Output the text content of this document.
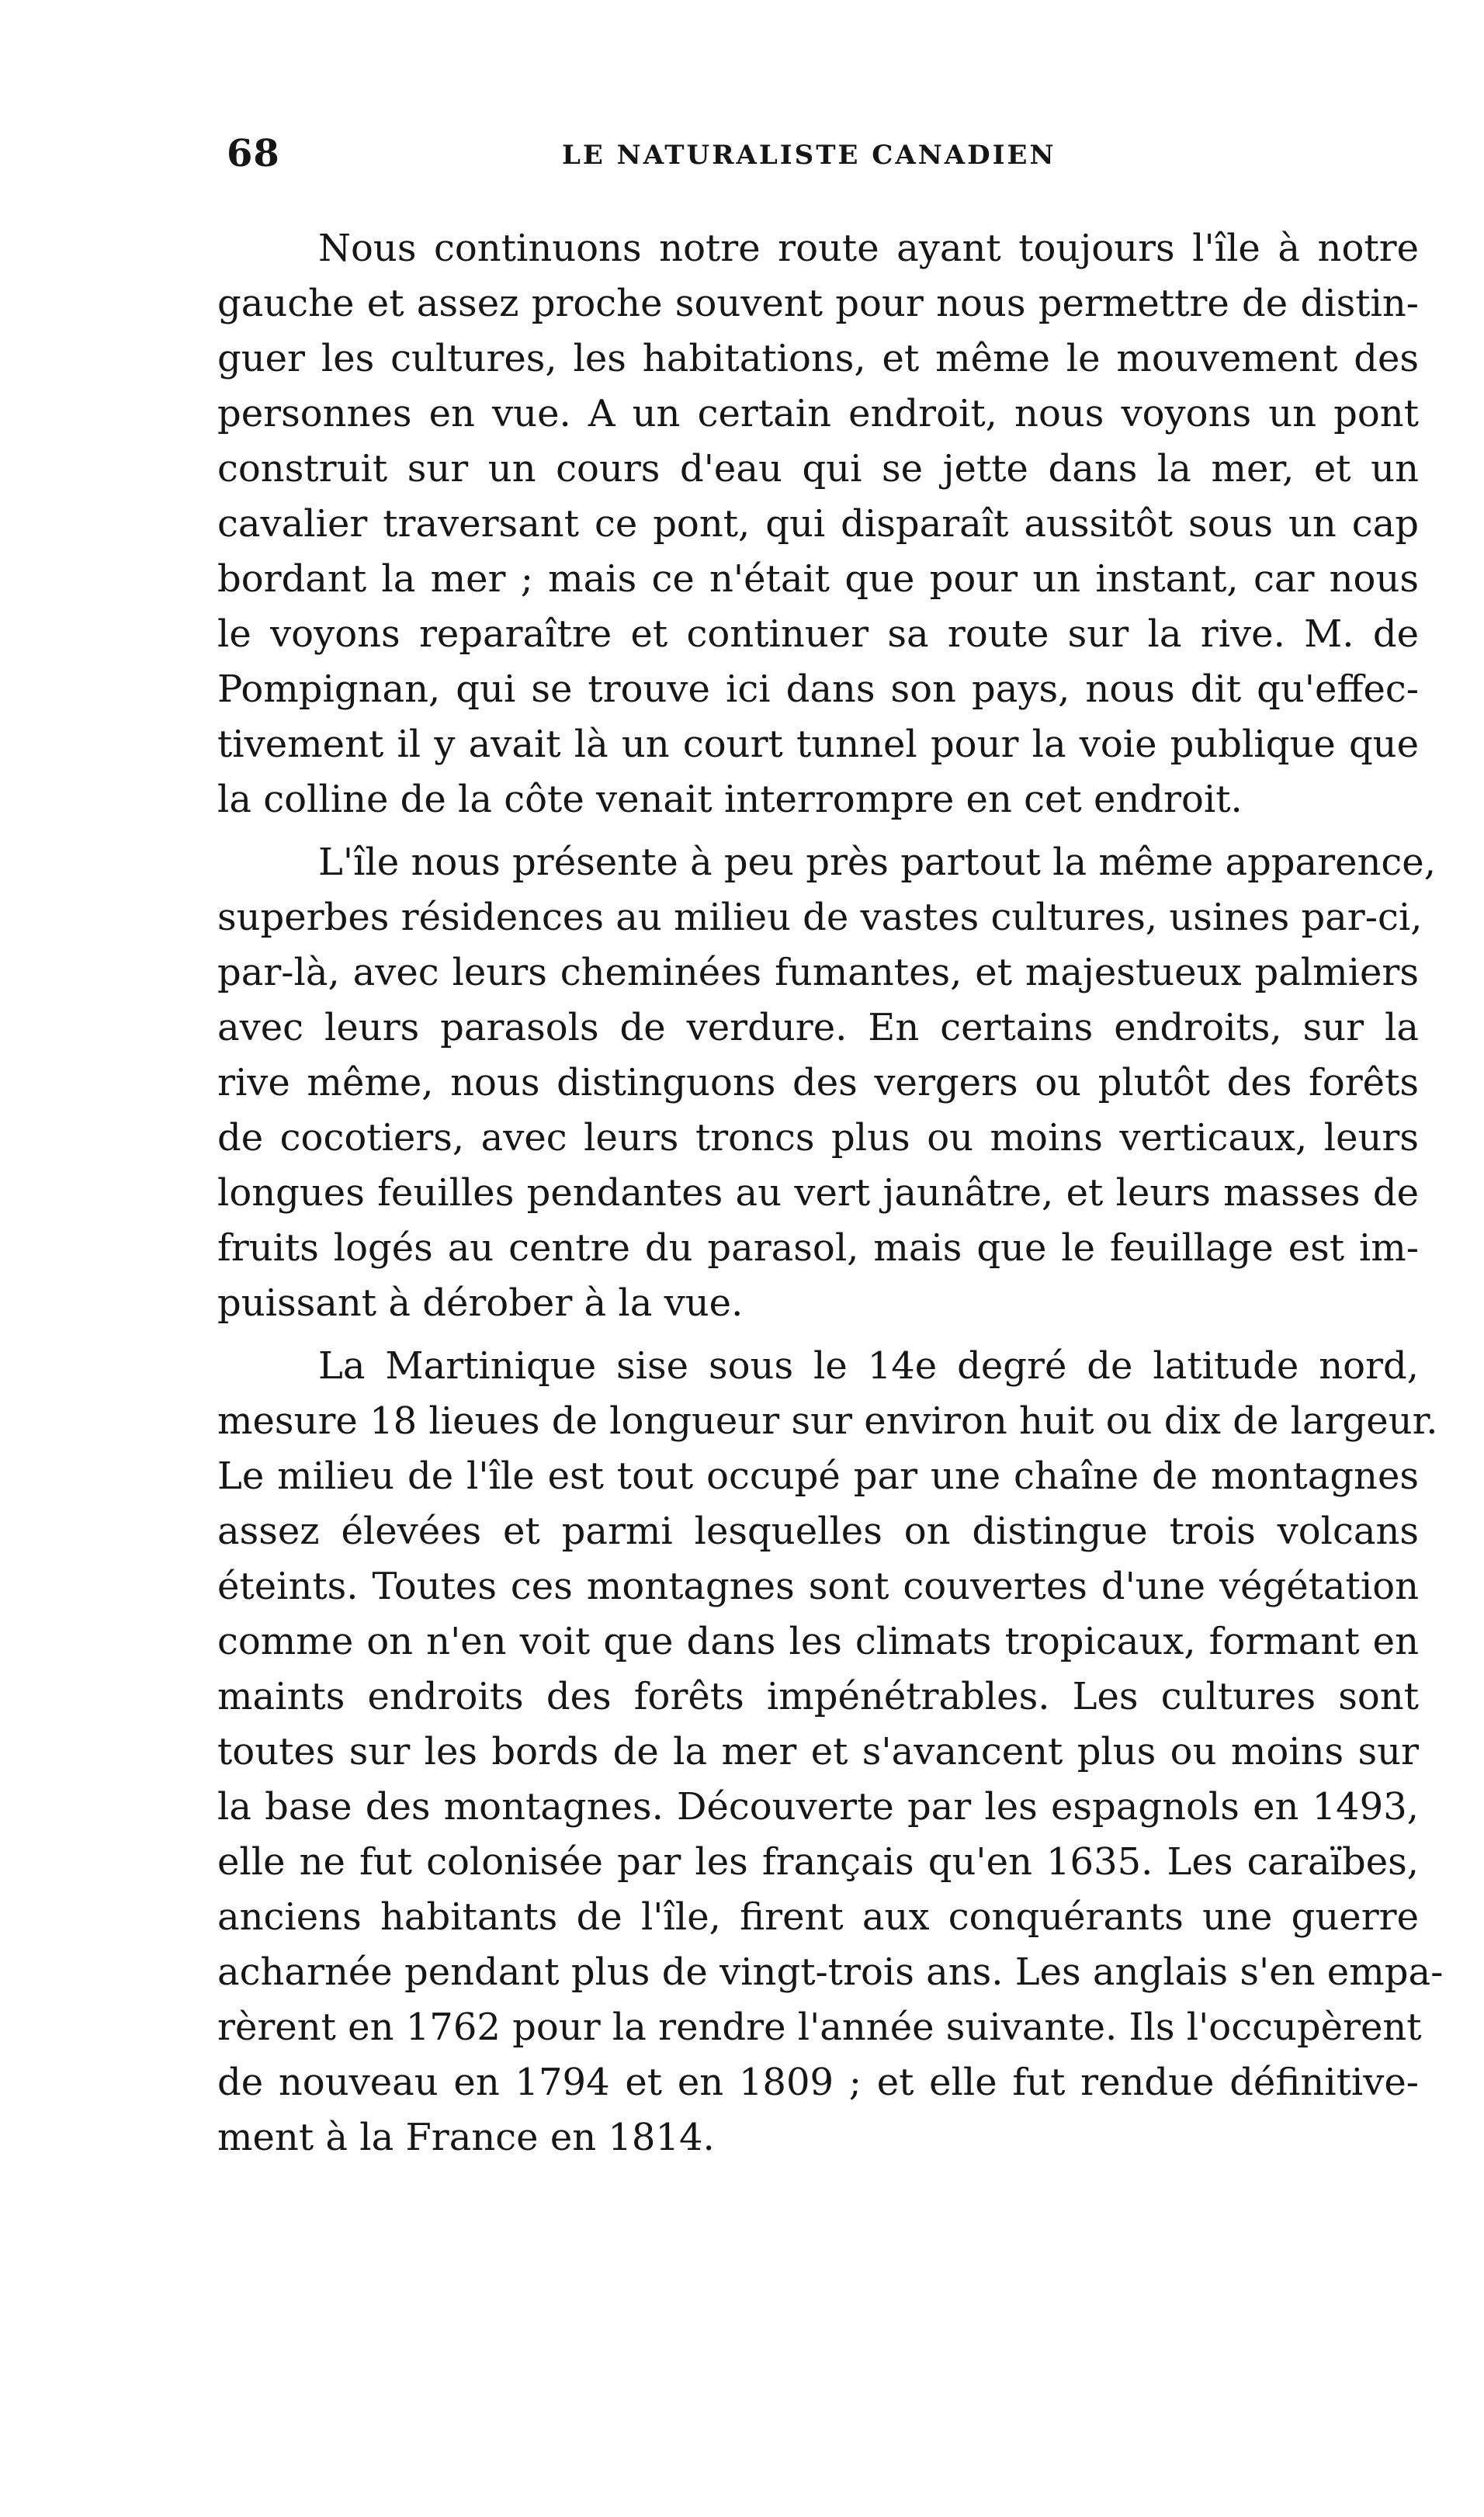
68	LE NATURALISTE CANADIEN
Nous continuons notre route ayant toujours l'île à notre
gauche et assez proche souvent pour nous permettre de distin-
guer les cultures, les habitations, et même le mouvement des
personnes en vue. A un certain endroit, nous voyons un pont
construit sur un cours d'eau qui se jette dans la mer, et un
cavalier traversant ce pont, qui disparaît aussitôt sous un cap
bordant la mer ; mais ce n'était que pour un instant, car nous
le voyons reparaître et continuer sa route sur la rive. M. de
Pompignan, qui se trouve ici dans son pays, nous dit qu'effec-
tivement il y avait là un court tunnel pour la voie publique que
la colline de la côte venait interrompre en cet endroit.
L'île nous présente à peu près partout la même apparence,
superbes résidences au milieu de vastes cultures, usines par-ci,
par-là, avec leurs cheminées fumantes, et majestueux palmiers
avec leurs parasols de verdure. En certains endroits, sur la
rive même, nous distinguons des vergers ou plutôt des forêts
de cocotiers, avec leurs troncs plus ou moins verticaux, leurs
longues feuilles pendantes au vert jaunâtre, et leurs masses de
fruits logés au centre du parasol, mais que le feuillage est im-
puissant à dérober à la vue.
La Martinique sise sous le 14e degré de latitude nord,
mesure 18 lieues de longueur sur environ huit ou dix de largeur.
Le milieu de l'île est tout occupé par une chaîne de montagnes
assez élevées et parmi lesquelles on distingue trois volcans
éteints. Toutes ces montagnes sont couvertes d'une végétation
comme on n'en voit que dans les climats tropicaux, formant en
maints endroits des forêts impénétrables. Les cultures sont
toutes sur les bords de la mer et s'avancent plus ou moins sur
la base des montagnes. Découverte par les espagnols en 1493,
elle ne fut colonisée par les français qu'en 1635. Les caraïbes,
anciens habitants de l'île, firent aux conquérants une guerre
acharnée pendant plus de vingt-trois ans. Les anglais s'en empa-
rèrent en 1762 pour la rendre l'année suivante. Ils l'occupèrent
de nouveau en 1794 et en 1809 ; et elle fut rendue définitive-
ment à la France en 1814.
